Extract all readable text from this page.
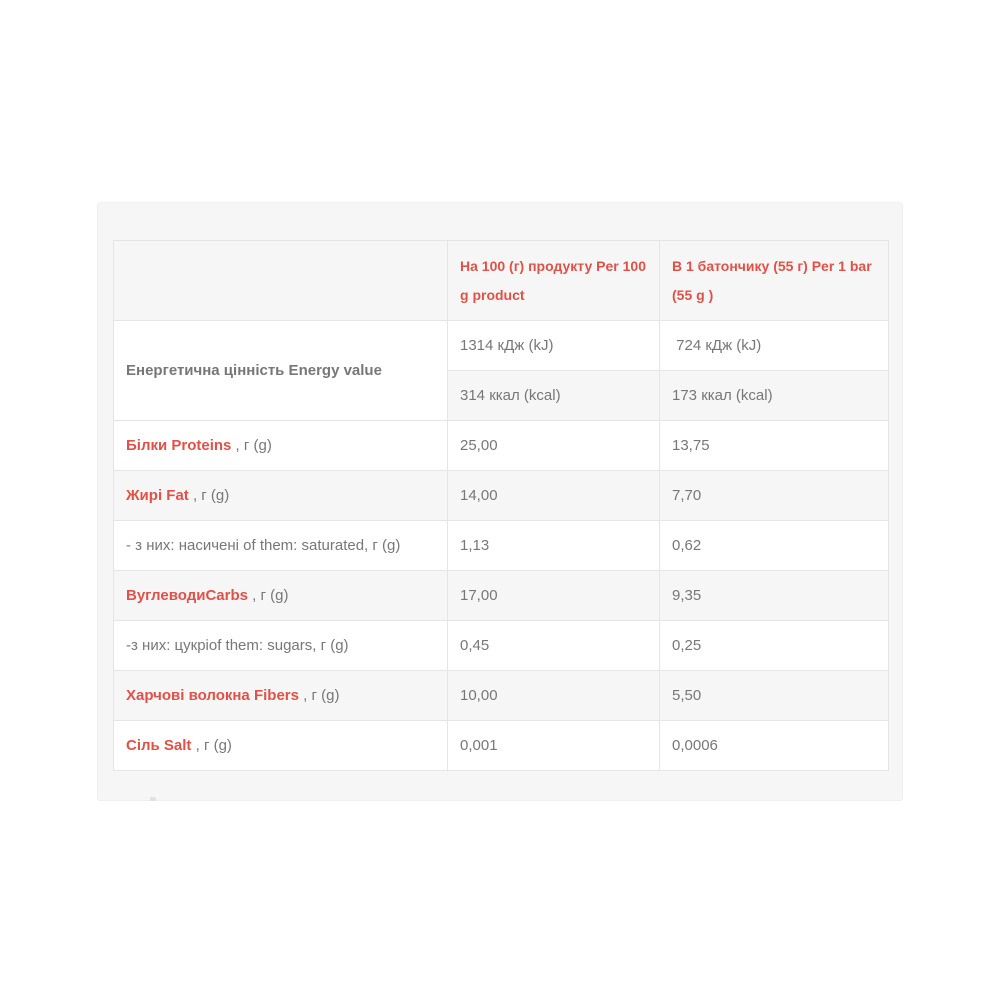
	На 100 (г) продукту Per 100 g product	В 1 батончику (55 г) Per 1 bar (55 g )
Енергетична цінність Energy value	1314 кДж (kJ)	724 кДж (kJ)
	314 ккал (kcal)	173 ккал (kcal)
Білки Proteins , г (g)	25,00	13,75
Жирі Fat , г (g)	14,00	7,70
- з них: насичені of them: saturated, г (g)	1,13	0,62
ВуглеводиCarbs , г (g)	17,00	9,35
-з них: цукріof them: sugars, г (g)	0,45	0,25
Харчові волокна Fibers , г (g)	10,00	5,50
Сіль Salt , г (g)	0,001	0,0006
